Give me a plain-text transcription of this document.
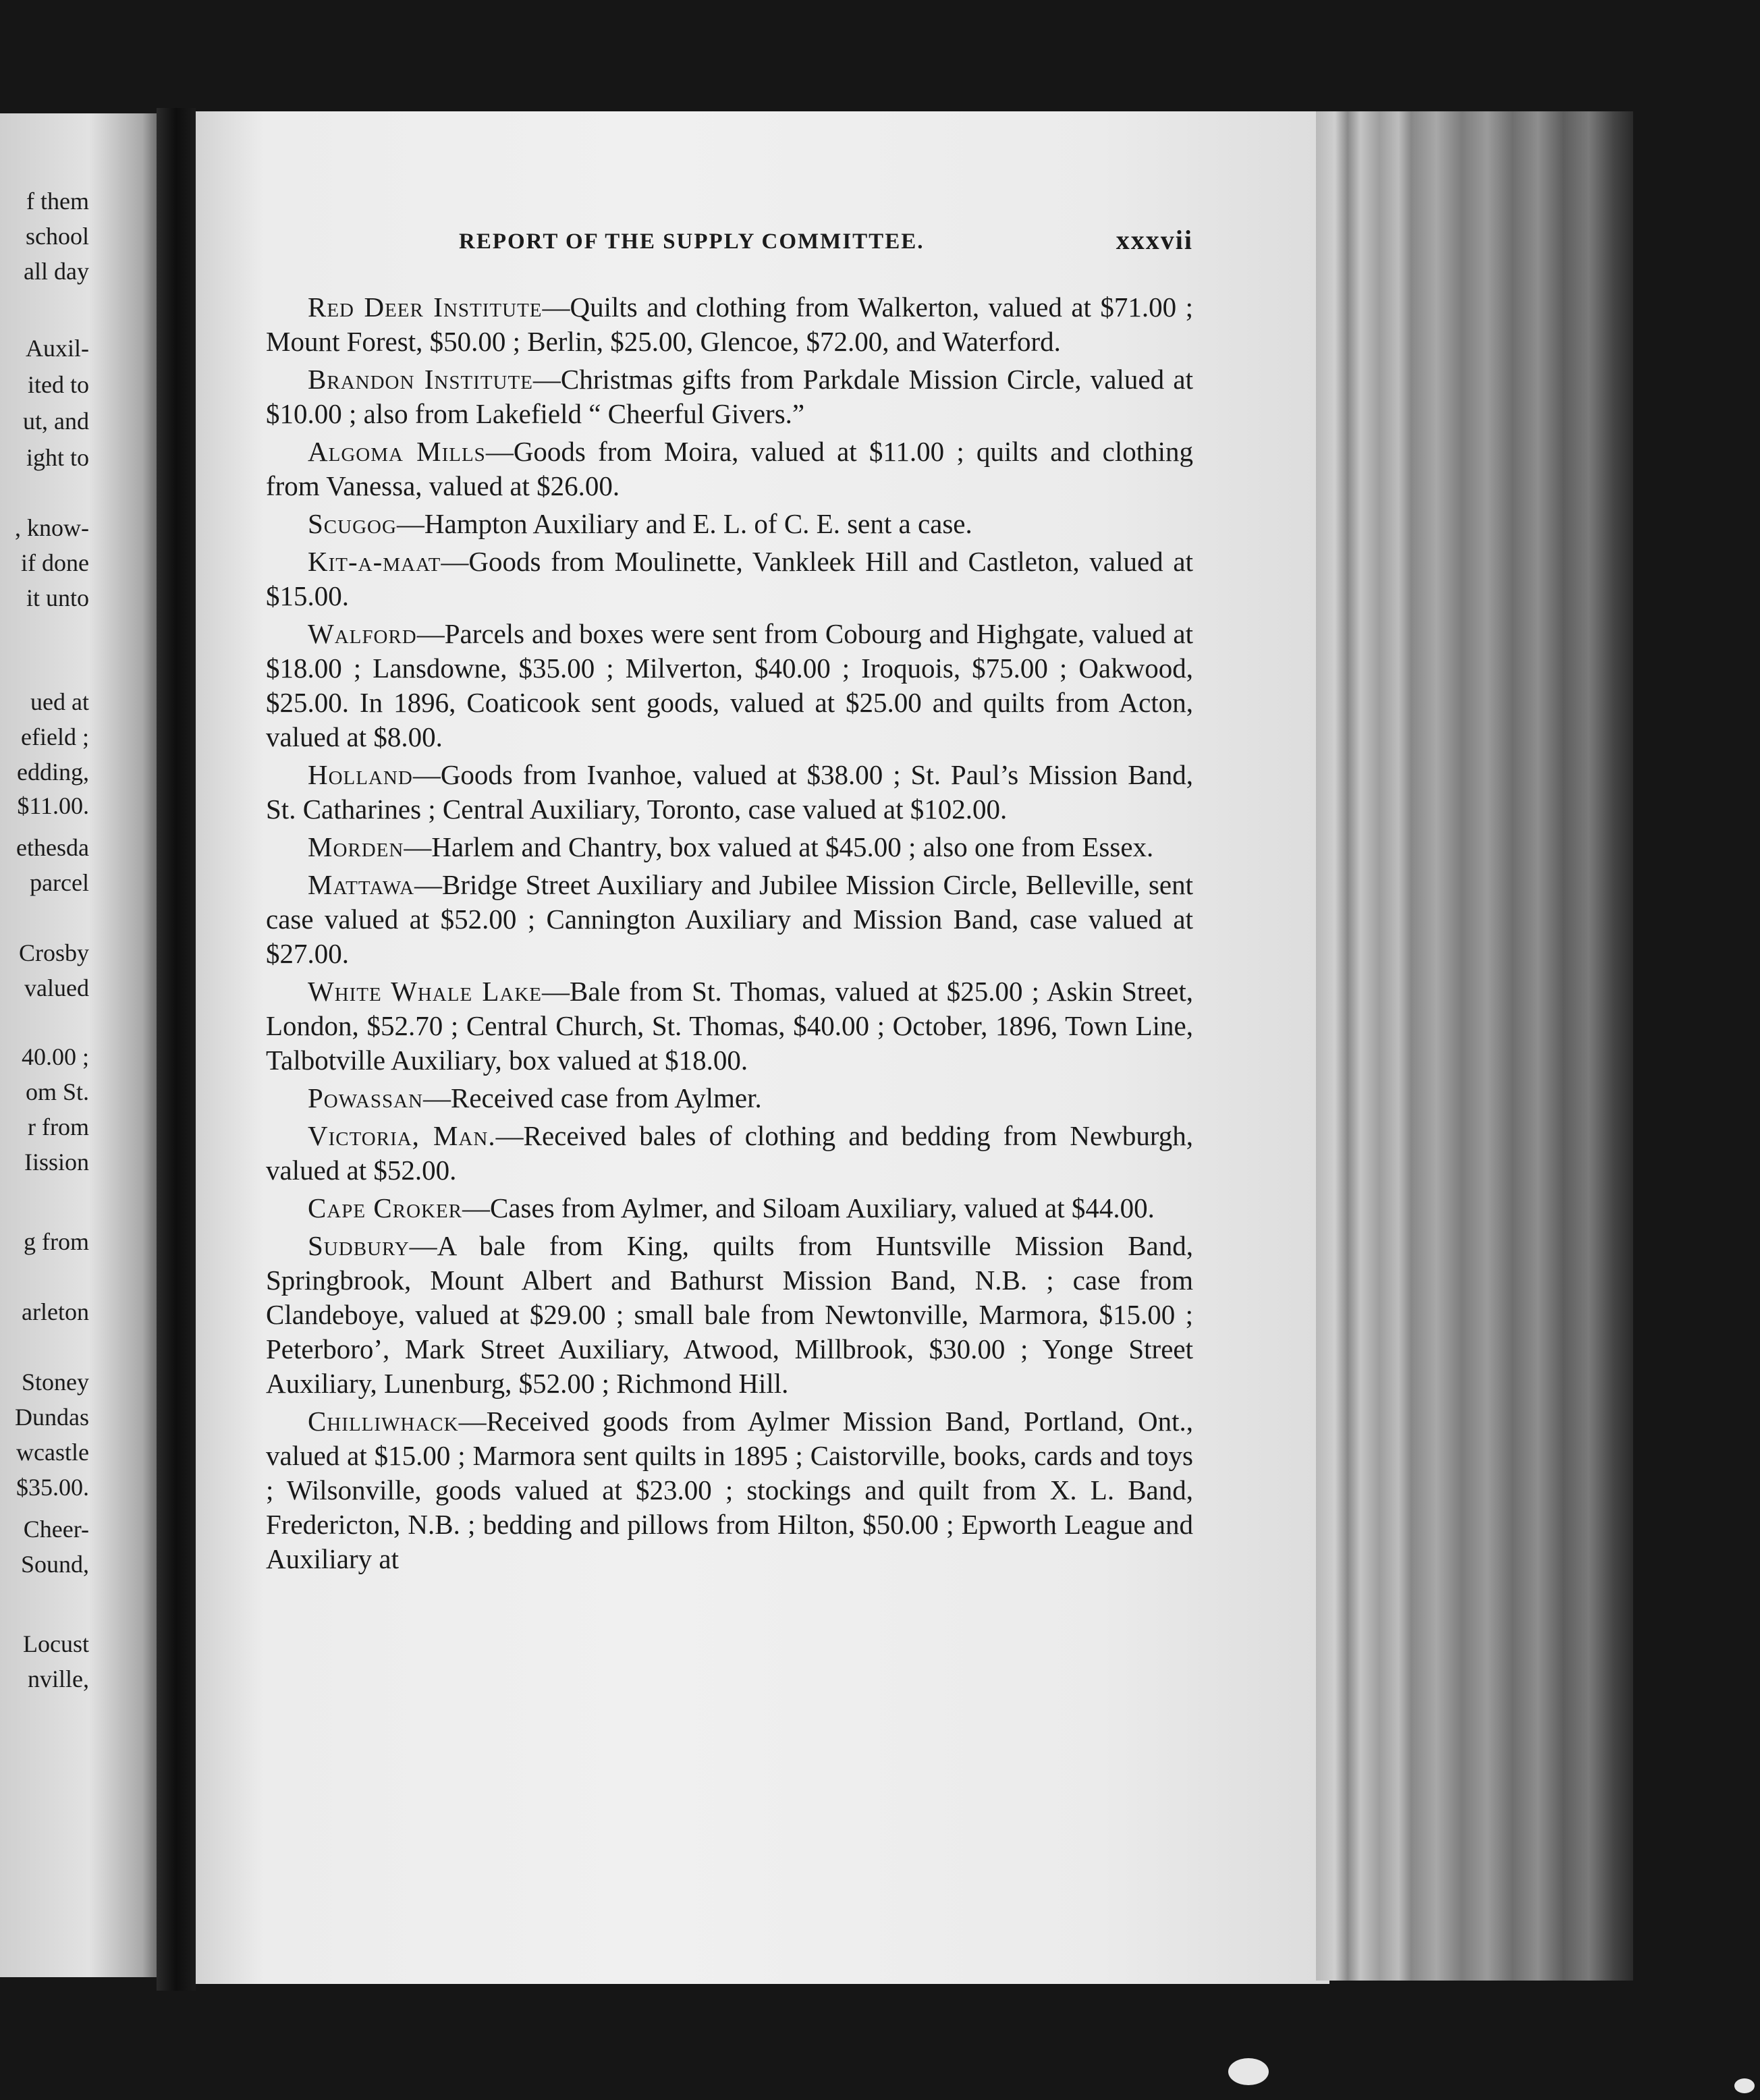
f them
school
all day
Auxil-
ited to
ut, and
ight to
, know-
if done
it unto
ued at
efield ;
edding,
$11.00.
ethesda
parcel
Crosby
valued
40.00 ;
om St.
r from
Iission
g from
arleton
Stoney
Dundas
wcastle
$35.00.
Cheer-
Sound,
Locust
nville,
REPORT OF THE SUPPLY COMMITTEE.	xxxvii

Red Deer Institute—Quilts and clothing from Walkerton, valued at $71.00 ; Mount Forest, $50.00 ; Berlin, $25.00, Glencoe, $72.00, and Waterford.

Brandon Institute—Christmas gifts from Parkdale Mission Circle, valued at $10.00 ; also from Lakefield “ Cheerful Givers.”

Algoma Mills—Goods from Moira, valued at $11.00 ; quilts and clothing from Vanessa, valued at $26.00.

Scugog—Hampton Auxiliary and E. L. of C. E. sent a case.

Kit-a-maat—Goods from Moulinette, Vankleek Hill and Castleton, valued at $15.00.

Walford—Parcels and boxes were sent from Cobourg and Highgate, valued at $18.00 ; Lansdowne, $35.00 ; Milverton, $40.00 ; Iroquois, $75.00 ; Oakwood, $25.00. In 1896, Coaticook sent goods, valued at $25.00 and quilts from Acton, valued at $8.00.

Holland—Goods from Ivanhoe, valued at $38.00 ; St. Paul’s Mission Band, St. Catharines ; Central Auxiliary, Toronto, case valued at $102.00.

Morden—Harlem and Chantry, box valued at $45.00 ; also one from Essex.

Mattawa—Bridge Street Auxiliary and Jubilee Mission Circle, Belleville, sent case valued at $52.00 ; Cannington Auxiliary and Mission Band, case valued at $27.00.

White Whale Lake—Bale from St. Thomas, valued at $25.00 ; Askin Street, London, $52.70 ; Central Church, St. Thomas, $40.00 ; October, 1896, Town Line, Talbotville Auxiliary, box valued at $18.00.

Powassan—Received case from Aylmer.

Victoria, Man.—Received bales of clothing and bedding from Newburgh, valued at $52.00.

Cape Croker—Cases from Aylmer, and Siloam Auxiliary, valued at $44.00.

Sudbury—A bale from King, quilts from Huntsville Mission Band, Springbrook, Mount Albert and Bathurst Mission Band, N.B. ; case from Clandeboye, valued at $29.00 ; small bale from Newtonville, Marmora, $15.00 ; Peterboro’, Mark Street Auxiliary, Atwood, Millbrook, $30.00 ; Yonge Street Auxiliary, Lunenburg, $52.00 ; Richmond Hill.

Chilliwhack—Received goods from Aylmer Mission Band, Portland, Ont., valued at $15.00 ; Marmora sent quilts in 1895 ; Caistorville, books, cards and toys ; Wilsonville, goods valued at $23.00 ; stockings and quilt from X. L. Band, Fredericton, N.B. ; bedding and pillows from Hilton, $50.00 ; Epworth League and Auxiliary at
